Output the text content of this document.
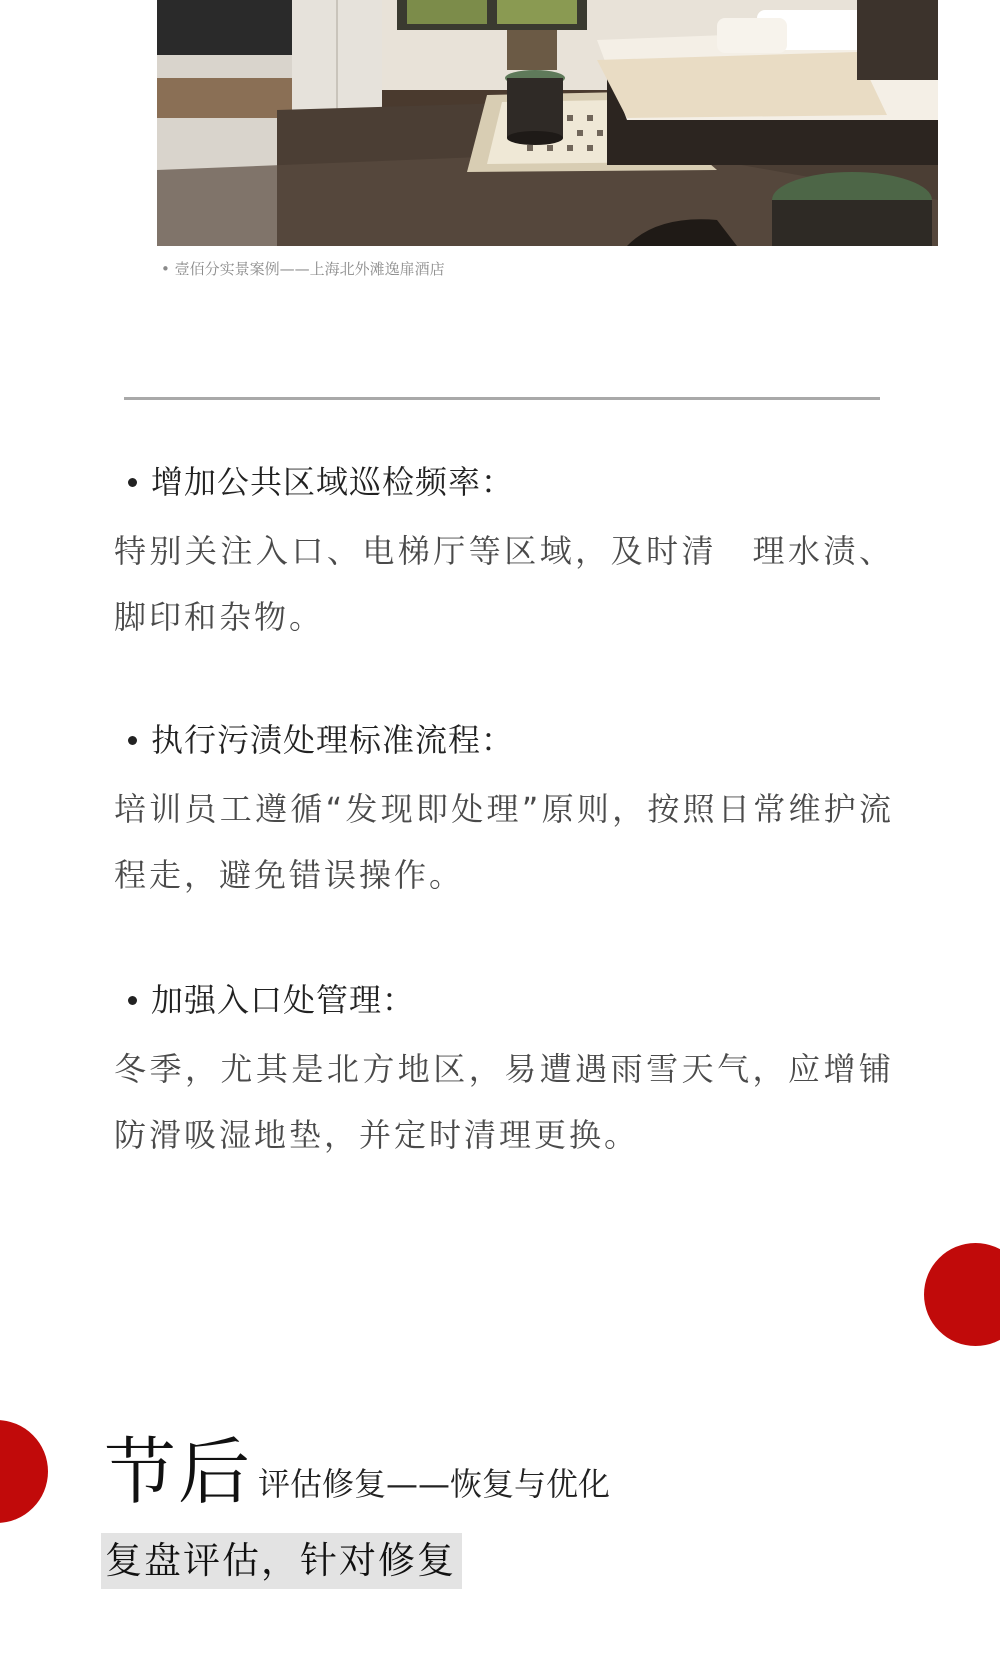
• 壹佰分实景案例——上海北外滩逸扉酒店
增加公共区域巡检频率：
特别关注入口、电梯厅等区域，及时清　理水渍、脚印和杂物。
执行污渍处理标准流程：
培训员工遵循“发现即处理”原则，按照日常维护流程走，避免错误操作。
加强入口处管理：
冬季，尤其是北方地区，易遭遇雨雪天气，应增铺防滑吸湿地垫，并定时清理更换。
节后 评估修复——恢复与优化
复盘评估，针对修复
